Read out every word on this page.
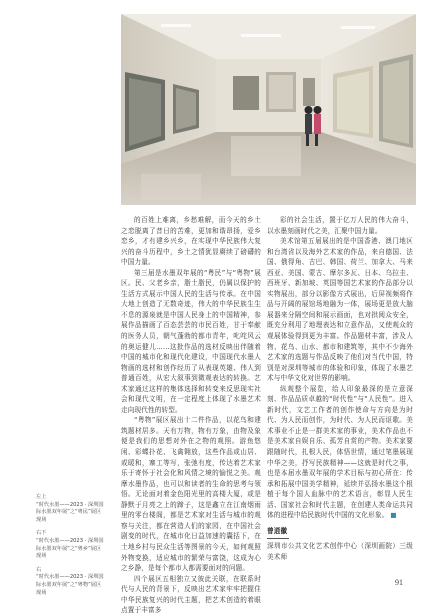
的百姓上难离，乡愁难解，而今天的乡土之恋脱离了昔日的苦难，更加和谐昂扬，爱乡恋乡，才有建乡兴乡，在实现中华民族伟大复兴的奋斗历程中，乡土之情犹显赓续了磅礴的中国力量。

第三届是水墨双年展的“粤民”与“粤物”展区。民、父老乡亲，脂土脂民，仍属以保护的生活方式展示中国人民的生活与传承。在中国大地上创造了无数奇迹，伟大的中华民族生生不息的源泉就是中国人民身上的中国精神，参展作品描画了百态芸芸的市民百姓，甘于奉献的医务人员，朝气蓬勃的都市青年，叱咤风云的奥运健儿……这批作品的选材反映出伴随着中国的城市化和现代化建设，中国现代水墨人物画的选材和创作经历了从表现英雄、伟人到普通百姓，从宏大叙事到微观表达的转换。艺术家通过这样的集体选择和转变来反思现实社会和现代文明，在一定程度上体现了水墨艺术走向现代性的转型。

“粤物”展区展出十二件作品，以花鸟和建筑题材居多。天有万物，物有万象，由物及象便是我们的思想对外在之物的观照。游鱼悠闲、彩蝶扑花、飞禽翱放，这些作品或山居、或暖和，寨工等写，张弛有度，传达着艺术家乐于寄怀于社会化和风情之境的愉悦之美。观摩水墨作品，也可以和读者的生命的思考与领悟。无论面对着金色阳光里的高楼大厦，或是静默于月亮之上的蹄子，这是鑫立在江南烟雨里的零台楼阁，都是艺术家对生活与城市的观察与关注，都在营造人们的家园，在中国社会剧变的时代，在城市化日益加速的囊括下，在土地乡村与民众生活等图景的今天，如何观照外物变换，适应城市的繁荣与富饶，这成为心之乡静，是每个都市人都需要面对的问题。

四个展区五相独立又彼此关联，在联系时代与人民的背景下，反映出艺术家牢牢把握住中华民族复兴的时代主题，把艺术创造的着眼点置于丰富多

彩的社会生活，置于亿万人民的伟大奋斗，以水墨刻画时代之美，汇聚中国力量。

美术馆第五届展出的是中国香港、澳门地区和台湾省以及海外艺术家的作品，来自德国、法国、俄得角、古巴、韩国、荷兰、加拿大、马来西亚、美国、蒙古、摩尔多瓦、日本、乌拉圭、西班牙、新加坡、英国等国艺术家的作品部分以实物展出，部分以影像方式展出，后屏视频将作品与开阔的展馆场地融为一体，展场更是放大脑展器来分隔空间和展示画面，也对拱阅众安全，既充分利用了地理表达和立意作品，又使观众的观展体验得到更为丰富。作品题材丰富，涉及人物、花鸟、山水、都市和建筑等，其中不少海外艺术家的选题与作品反映了他们对当代中国，特别是对深圳等城市的体验和印象，体现了水墨艺术与中华文化对世界的影响。

纵观整个展览，给人印象最深的是立意深刻、作品品质卓越的“时代性”与“人民性”。进入新时代，文艺工作者的创作使命与方向是为时代、为人民而创作，为时代、为人民而讴歌。美术事业不止是一群美术家的事业，美术作品也不是美术家自娱自乐、孤芳自赏的产物。美术家要跟随时代，扎根人民，体悟世情，通过笔墨展现中华之美，抒写民族精神——这就是时代之事，也是本届水墨双年展的学术目标与初心所在：传承和拓展中国美学精神，延续并弘扬水墨这个根植于每个国人血脉中的艺术语言，彰显人民生活、国家社会和时代主题，在创建人类命运共同体的进程中给民族时代中国的文化形象。 ■

曾逍徽
深圳市公共文化艺术创作中心（深圳画院）三级美术师

左上
“时代水墨——2023 · 深圳国际水墨双年展”之“粤民”展区现场
右下
“时代水墨——2023 · 深圳国际水墨双年展”之“粤乡”展区现场
右
“时代水墨——2023 · 深圳国际水墨双年展”之“粤物”展区现场
91
